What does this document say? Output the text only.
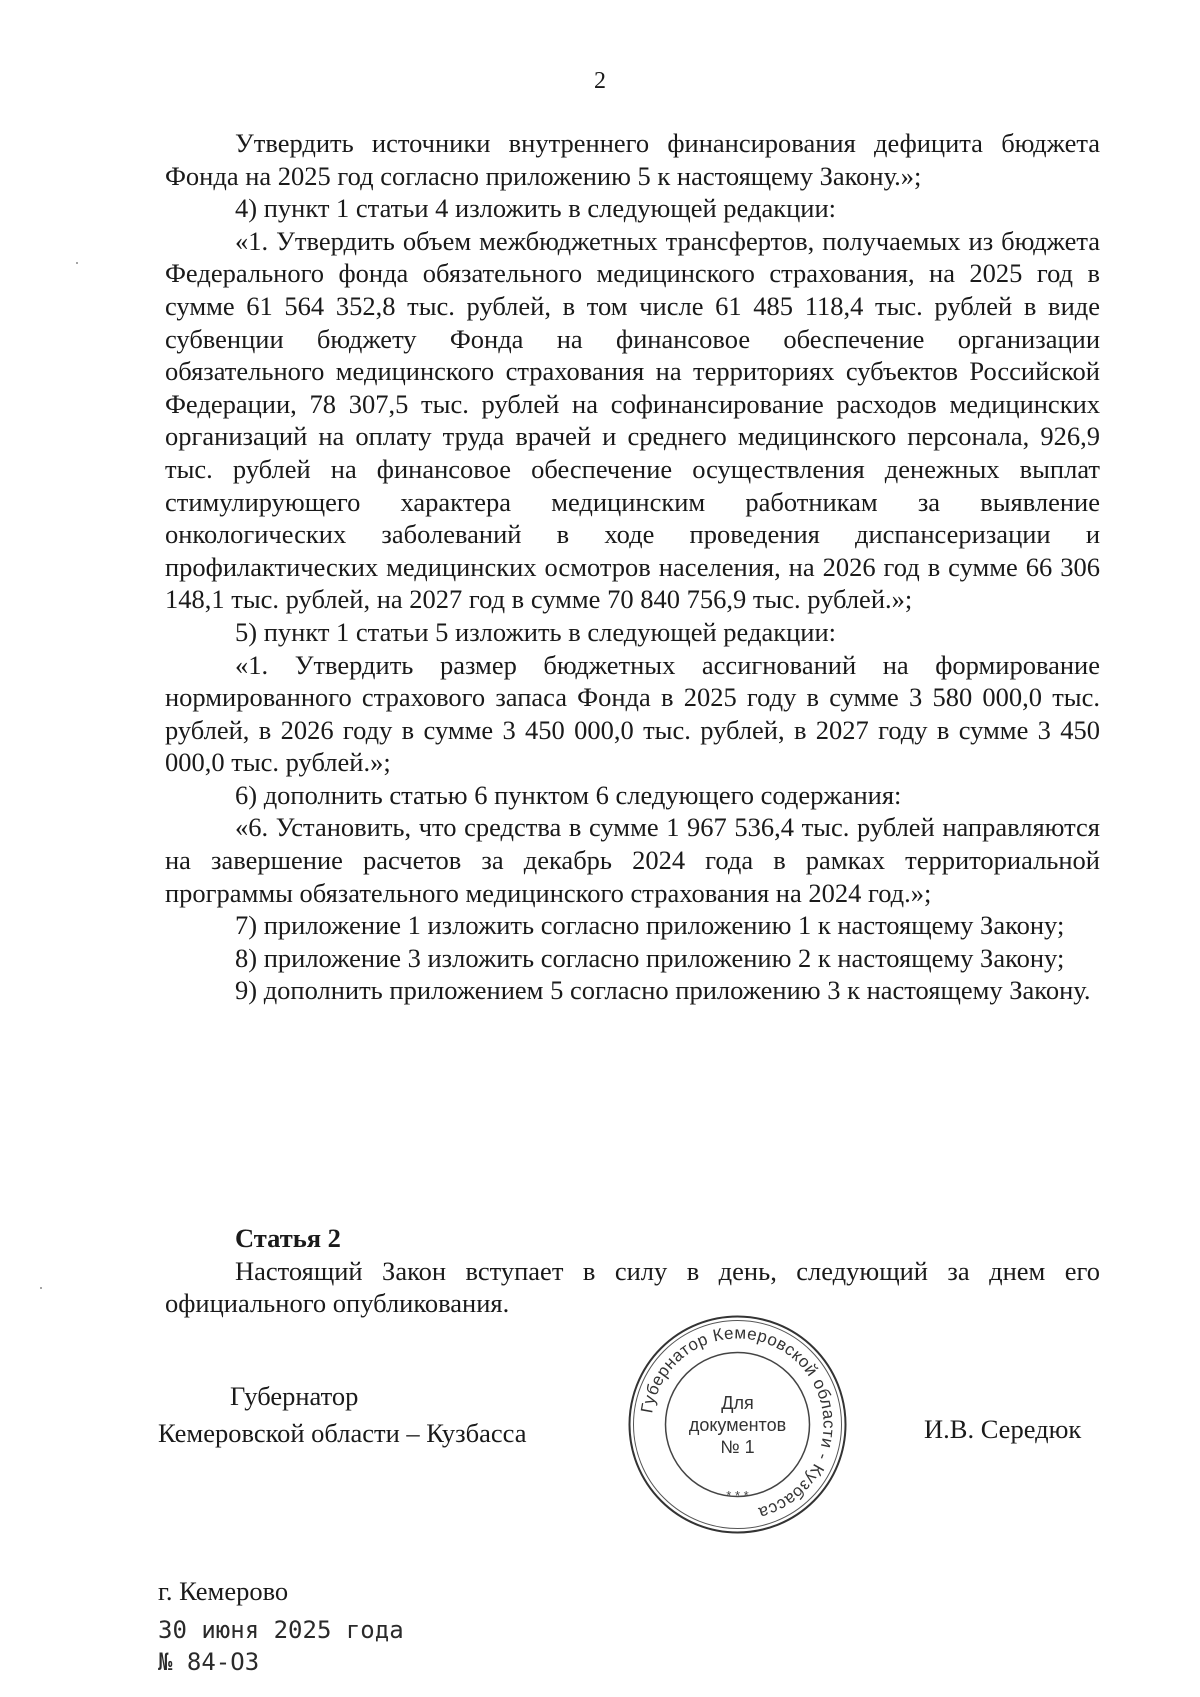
2

Утвердить источники внутреннего финансирования дефицита бюджета Фонда на 2025 год согласно приложению 5 к настоящему Закону.»;

4) пункт 1 статьи 4 изложить в следующей редакции:

«1. Утвердить объем межбюджетных трансфертов, получаемых из бюджета Федерального фонда обязательного медицинского страхования, на 2025 год в сумме 61 564 352,8 тыс. рублей, в том числе 61 485 118,4 тыс. рублей в виде субвенции бюджету Фонда на финансовое обеспечение организации обязательного медицинского страхования на территориях субъектов Российской Федерации, 78 307,5 тыс. рублей на софинансирование расходов медицинских организаций на оплату труда врачей и среднего медицинского персонала, 926,9 тыс. рублей на финансовое обеспечение осуществления денежных выплат стимулирующего характера медицинским работникам за выявление онкологических заболеваний в ходе проведения диспансеризации и профилактических медицинских осмотров населения, на 2026 год в сумме 66 306 148,1 тыс. рублей, на 2027 год в сумме 70 840 756,9 тыс. рублей.»;

5) пункт 1 статьи 5 изложить в следующей редакции:

«1. Утвердить размер бюджетных ассигнований на формирование нормированного страхового запаса Фонда в 2025 году в сумме 3 580 000,0 тыс. рублей, в 2026 году в сумме 3 450 000,0 тыс. рублей, в 2027 году в сумме 3 450 000,0 тыс. рублей.»;

6) дополнить статью 6 пунктом 6 следующего содержания:

«6. Установить, что средства в сумме 1 967 536,4 тыс. рублей направляются на завершение расчетов за декабрь 2024 года в рамках территориальной программы обязательного медицинского страхования на 2024 год.»;

7) приложение 1 изложить согласно приложению 1 к настоящему Закону;

8) приложение 3 изложить согласно приложению 2 к настоящему Закону;

9) дополнить приложением 5 согласно приложению 3 к настоящему Закону.

Статья 2

Настоящий Закон вступает в силу в день, следующий за днем его официального опубликования.

Губернатор
Кемеровской области – Кузбасса
Губернатор Кемеровской области - Кузбасса
* * *
Для
документов
№ 1
И.В. Середюк
г. Кемерово
30 июня 2025 года
№ 84-ОЗ
